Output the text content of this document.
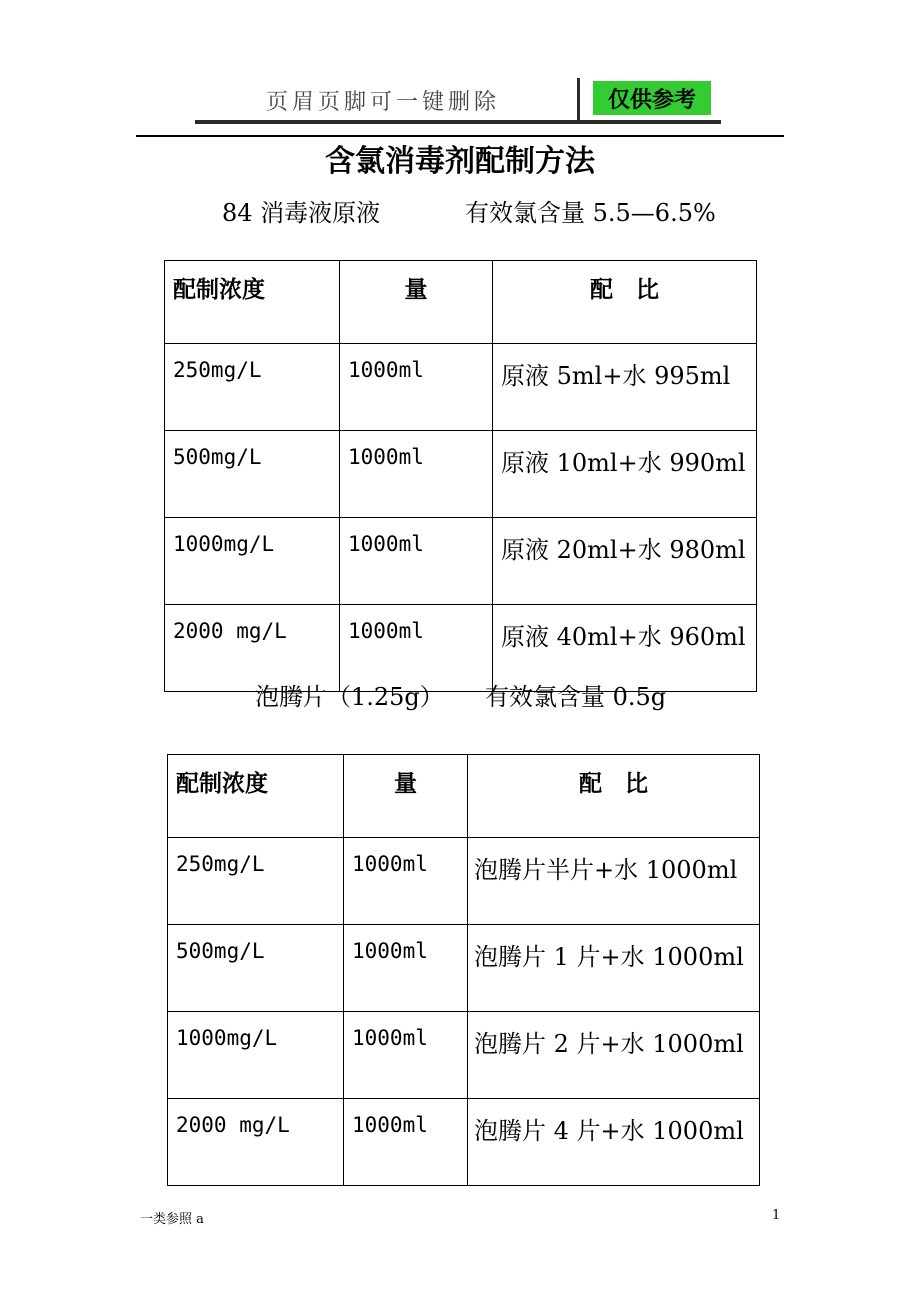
页眉页脚可一键删除	仅供参考
含氯消毒剂配制方法
84 消毒液原液	有效氯含量 5.5—6.5%
配制浓度	量	配　比
250mg/L	1000ml	原液 5ml+水 995ml
500mg/L	1000ml	原液 10ml+水 990ml
1000mg/L	1000ml	原液 20ml+水 980ml
2000 mg/L	1000ml	原液 40ml+水 960ml
泡腾片（1.25g） 有效氯含量 0.5g
配制浓度	量	配　比
250mg/L	1000ml	泡腾片半片+水 1000ml
500mg/L	1000ml	泡腾片 1 片+水 1000ml
1000mg/L	1000ml	泡腾片 2 片+水 1000ml
2000 mg/L	1000ml	泡腾片 4 片+水 1000ml
一类参照 a	1
